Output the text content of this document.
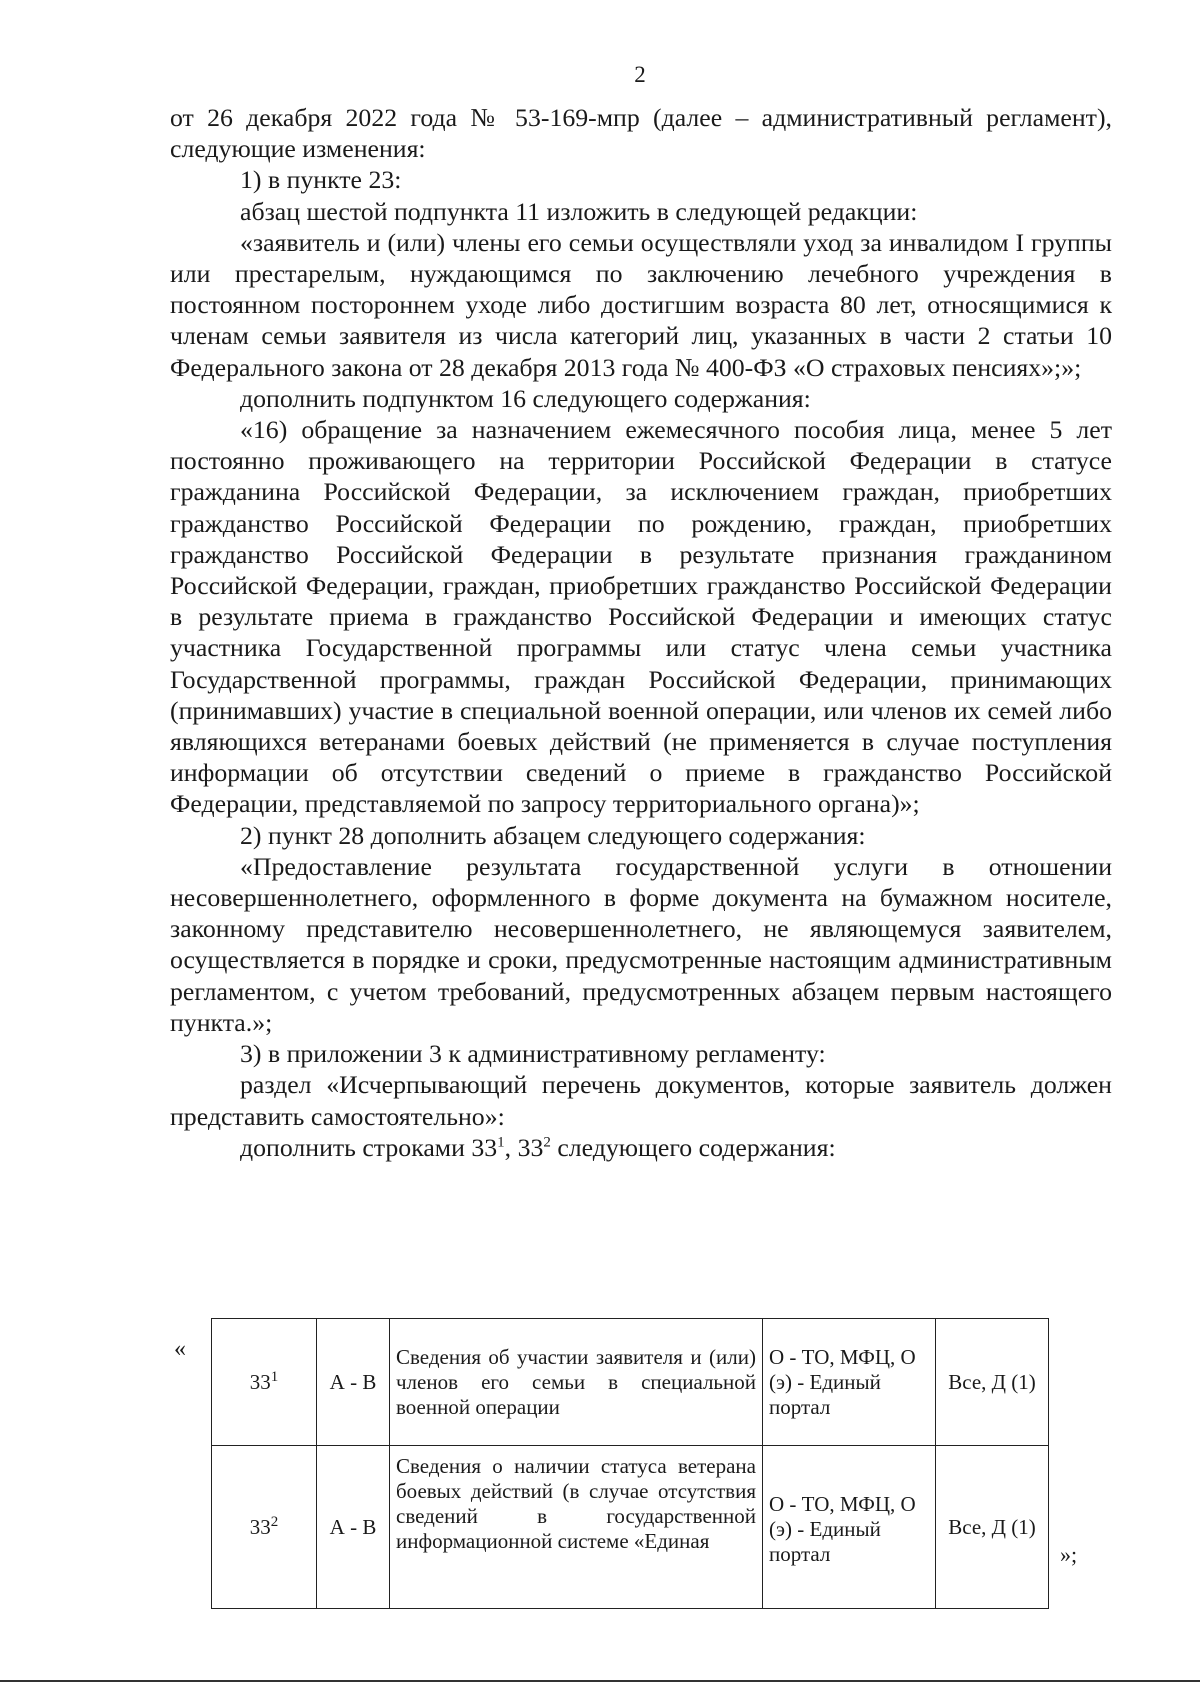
2

от 26 декабря 2022 года № 53-169-мпр (далее – административный регламент), следующие изменения:

1) в пункте 23:

абзац шестой подпункта 11 изложить в следующей редакции:

«заявитель и (или) члены его семьи осуществляли уход за инвалидом I группы или престарелым, нуждающимся по заключению лечебного учреждения в постоянном постороннем уходе либо достигшим возраста 80 лет, относящимися к членам семьи заявителя из числа категорий лиц, указанных в части 2 статьи 10 Федерального закона от 28 декабря 2013 года № 400-ФЗ «О страховых пенсиях»;»;

дополнить подпунктом 16 следующего содержания:

«16) обращение за назначением ежемесячного пособия лица, менее 5 лет постоянно проживающего на территории Российской Федерации в статусе гражданина Российской Федерации, за исключением граждан, приобретших гражданство Российской Федерации по рождению, граждан, приобретших гражданство Российской Федерации в результате признания гражданином Российской Федерации, граждан, приобретших гражданство Российской Федерации в результате приема в гражданство Российской Федерации и имеющих статус участника Государственной программы или статус члена семьи участника Государственной программы, граждан Российской Федерации, принимающих (принимавших) участие в специальной военной операции, или членов их семей либо являющихся ветеранами боевых действий (не применяется в случае поступления информации об отсутствии сведений о приеме в гражданство Российской Федерации, представляемой по запросу территориального органа)»;

2) пункт 28 дополнить абзацем следующего содержания:

«Предоставление результата государственной услуги в отношении несовершеннолетнего, оформленного в форме документа на бумажном носителе, законному представителю несовершеннолетнего, не являющемуся заявителем, осуществляется в порядке и сроки, предусмотренные настоящим административным регламентом, с учетом требований, предусмотренных абзацем первым настоящего пункта.»;

3) в приложении 3 к административному регламенту:

раздел «Исчерпывающий перечень документов, которые заявитель должен представить самостоятельно»:

дополнить строками $33^1$, $33^2$ следующего содержания:

«
$33^1$	А - В	Сведения об участии заявителя и (или) членов его семьи в специальной военной операции	О - ТО, МФЦ, О (э) - Единый портал	Все, Д (1)
$33^2$	А - В	Сведения о наличии статуса ветерана боевых действий (в случае отсутствия сведений в государственной информационной системе «Единая	О - ТО, МФЦ, О (э) - Единый портал	Все, Д (1)
»;
